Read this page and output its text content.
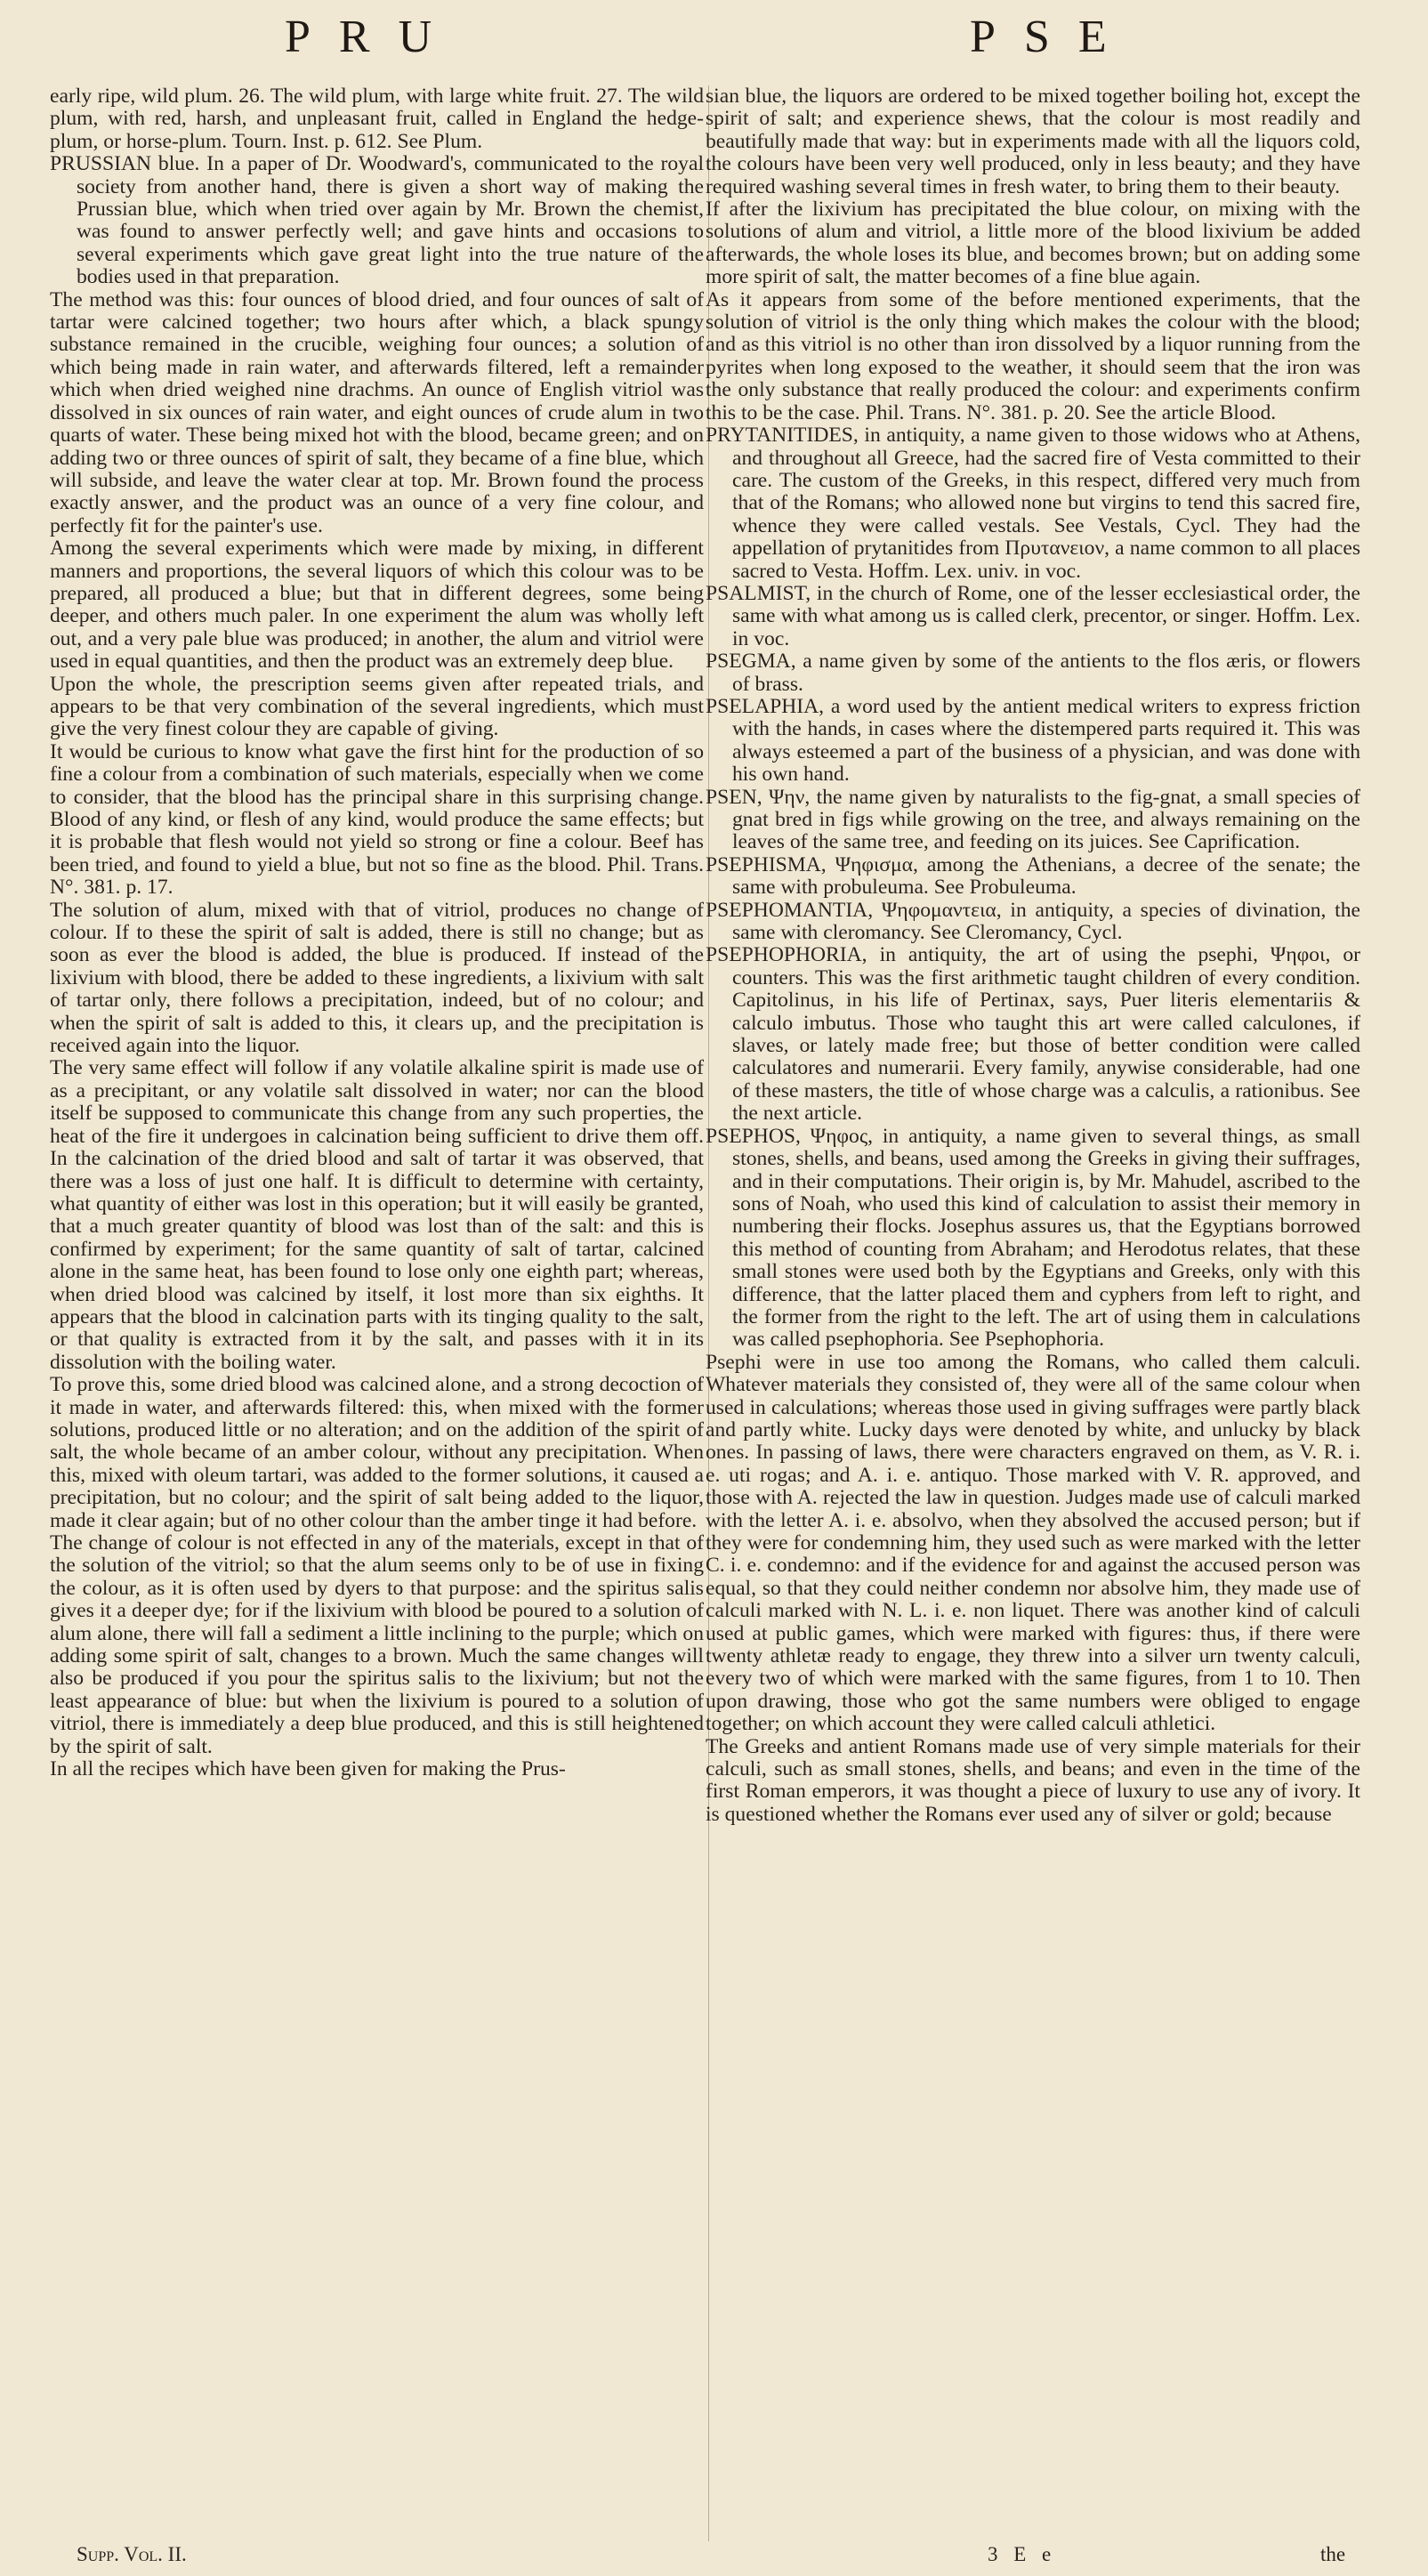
PRU	PSE

early ripe, wild plum. 26. The wild plum, with large white fruit. 27. The wild plum, with red, harsh, and unpleasant fruit, called in England the hedge-plum, or horse-plum. Tourn. Inst. p. 612. See Plum.

PRUSSIAN blue. In a paper of Dr. Woodward's, communicated to the royal society from another hand, there is given a short way of making the Prussian blue, which when tried over again by Mr. Brown the chemist, was found to answer perfectly well; and gave hints and occasions to several experiments which gave great light into the true nature of the bodies used in that preparation.

The method was this: four ounces of blood dried, and four ounces of salt of tartar were calcined together; two hours after which, a black spungy substance remained in the crucible, weighing four ounces; a solution of which being made in rain water, and afterwards filtered, left a remainder which when dried weighed nine drachms. An ounce of English vitriol was dissolved in six ounces of rain water, and eight ounces of crude alum in two quarts of water. These being mixed hot with the blood, became green; and on adding two or three ounces of spirit of salt, they became of a fine blue, which will subside, and leave the water clear at top. Mr. Brown found the process exactly answer, and the product was an ounce of a very fine colour, and perfectly fit for the painter's use.

Among the several experiments which were made by mixing, in different manners and proportions, the several liquors of which this colour was to be prepared, all produced a blue; but that in different degrees, some being deeper, and others much paler. In one experiment the alum was wholly left out, and a very pale blue was produced; in another, the alum and vitriol were used in equal quantities, and then the product was an extremely deep blue.

Upon the whole, the prescription seems given after repeated trials, and appears to be that very combination of the several ingredients, which must give the very finest colour they are capable of giving.

It would be curious to know what gave the first hint for the production of so fine a colour from a combination of such materials, especially when we come to consider, that the blood has the principal share in this surprising change. Blood of any kind, or flesh of any kind, would produce the same effects; but it is probable that flesh would not yield so strong or fine a colour. Beef has been tried, and found to yield a blue, but not so fine as the blood. Phil. Trans. N°. 381. p. 17.

The solution of alum, mixed with that of vitriol, produces no change of colour. If to these the spirit of salt is added, there is still no change; but as soon as ever the blood is added, the blue is produced. If instead of the lixivium with blood, there be added to these ingredients, a lixivium with salt of tartar only, there follows a precipitation, indeed, but of no colour; and when the spirit of salt is added to this, it clears up, and the precipitation is received again into the liquor.

The very same effect will follow if any volatile alkaline spirit is made use of as a precipitant, or any volatile salt dissolved in water; nor can the blood itself be supposed to communicate this change from any such properties, the heat of the fire it undergoes in calcination being sufficient to drive them off. In the calcination of the dried blood and salt of tartar it was observed, that there was a loss of just one half. It is difficult to determine with certainty, what quantity of either was lost in this operation; but it will easily be granted, that a much greater quantity of blood was lost than of the salt: and this is confirmed by experiment; for the same quantity of salt of tartar, calcined alone in the same heat, has been found to lose only one eighth part; whereas, when dried blood was calcined by itself, it lost more than six eighths. It appears that the blood in calcination parts with its tinging quality to the salt, or that quality is extracted from it by the salt, and passes with it in its dissolution with the boiling water.

To prove this, some dried blood was calcined alone, and a strong decoction of it made in water, and afterwards filtered: this, when mixed with the former solutions, produced little or no alteration; and on the addition of the spirit of salt, the whole became of an amber colour, without any precipitation. When this, mixed with oleum tartari, was added to the former solutions, it caused a precipitation, but no colour; and the spirit of salt being added to the liquor, made it clear again; but of no other colour than the amber tinge it had before.

The change of colour is not effected in any of the materials, except in that of the solution of the vitriol; so that the alum seems only to be of use in fixing the colour, as it is often used by dyers to that purpose: and the spiritus salis gives it a deeper dye; for if the lixivium with blood be poured to a solution of alum alone, there will fall a sediment a little inclining to the purple; which on adding some spirit of salt, changes to a brown. Much the same changes will also be produced if you pour the spiritus salis to the lixivium; but not the least appearance of blue: but when the lixivium is poured to a solution of vitriol, there is immediately a deep blue produced, and this is still heightened by the spirit of salt.

In all the recipes which have been given for making the Prus-

sian blue, the liquors are ordered to be mixed together boiling hot, except the spirit of salt; and experience shews, that the colour is most readily and beautifully made that way: but in experiments made with all the liquors cold, the colours have been very well produced, only in less beauty; and they have required washing several times in fresh water, to bring them to their beauty.

If after the lixivium has precipitated the blue colour, on mixing with the solutions of alum and vitriol, a little more of the blood lixivium be added afterwards, the whole loses its blue, and becomes brown; but on adding some more spirit of salt, the matter becomes of a fine blue again.

As it appears from some of the before mentioned experiments, that the solution of vitriol is the only thing which makes the colour with the blood; and as this vitriol is no other than iron dissolved by a liquor running from the pyrites when long exposed to the weather, it should seem that the iron was the only substance that really produced the colour: and experiments confirm this to be the case. Phil. Trans. N°. 381. p. 20. See the article Blood.

PRYTANITIDES, in antiquity, a name given to those widows who at Athens, and throughout all Greece, had the sacred fire of Vesta committed to their care. The custom of the Greeks, in this respect, differed very much from that of the Romans; who allowed none but virgins to tend this sacred fire, whence they were called vestals. See Vestals, Cycl. They had the appellation of prytanitides from Πρυτανειον, a name common to all places sacred to Vesta. Hoffm. Lex. univ. in voc.

PSALMIST, in the church of Rome, one of the lesser ecclesiastical order, the same with what among us is called clerk, precentor, or singer. Hoffm. Lex. in voc.

PSEGMA, a name given by some of the antients to the flos æris, or flowers of brass.

PSELAPHIA, a word used by the antient medical writers to express friction with the hands, in cases where the distempered parts required it. This was always esteemed a part of the business of a physician, and was done with his own hand.

PSEN, Ψην, the name given by naturalists to the fig-gnat, a small species of gnat bred in figs while growing on the tree, and always remaining on the leaves of the same tree, and feeding on its juices. See Caprification.

PSEPHISMA, Ψηφισμα, among the Athenians, a decree of the senate; the same with probuleuma. See Probuleuma.

PSEPHOMANTIA, Ψηφομαντεια, in antiquity, a species of divination, the same with cleromancy. See Cleromancy, Cycl.

PSEPHOPHORIA, in antiquity, the art of using the psephi, Ψηφοι, or counters. This was the first arithmetic taught children of every condition. Capitolinus, in his life of Pertinax, says, Puer literis elementariis & calculo imbutus. Those who taught this art were called calculones, if slaves, or lately made free; but those of better condition were called calculatores and numerarii. Every family, anywise considerable, had one of these masters, the title of whose charge was a calculis, a rationibus. See the next article.

PSEPHOS, Ψηφος, in antiquity, a name given to several things, as small stones, shells, and beans, used among the Greeks in giving their suffrages, and in their computations. Their origin is, by Mr. Mahudel, ascribed to the sons of Noah, who used this kind of calculation to assist their memory in numbering their flocks. Josephus assures us, that the Egyptians borrowed this method of counting from Abraham; and Herodotus relates, that these small stones were used both by the Egyptians and Greeks, only with this difference, that the latter placed them and cyphers from left to right, and the former from the right to the left. The art of using them in calculations was called psephophoria. See Psephophoria.

Psephi were in use too among the Romans, who called them calculi. Whatever materials they consisted of, they were all of the same colour when used in calculations; whereas those used in giving suffrages were partly black and partly white. Lucky days were denoted by white, and unlucky by black ones. In passing of laws, there were characters engraved on them, as V. R. i. e. uti rogas; and A. i. e. antiquo. Those marked with V. R. approved, and those with A. rejected the law in question. Judges made use of calculi marked with the letter A. i. e. absolvo, when they absolved the accused person; but if they were for condemning him, they used such as were marked with the letter C. i. e. condemno: and if the evidence for and against the accused person was equal, so that they could neither condemn nor absolve him, they made use of calculi marked with N. L. i. e. non liquet. There was another kind of calculi used at public games, which were marked with figures: thus, if there were twenty athletæ ready to engage, they threw into a silver urn twenty calculi, every two of which were marked with the same figures, from 1 to 10. Then upon drawing, those who got the same numbers were obliged to engage together; on which account they were called calculi athletici.

The Greeks and antient Romans made use of very simple materials for their calculi, such as small stones, shells, and beans; and even in the time of the first Roman emperors, it was thought a piece of luxury to use any of ivory. It is questioned whether the Romans ever used any of silver or gold; because

Supp. Vol. II.	3 E e	the
